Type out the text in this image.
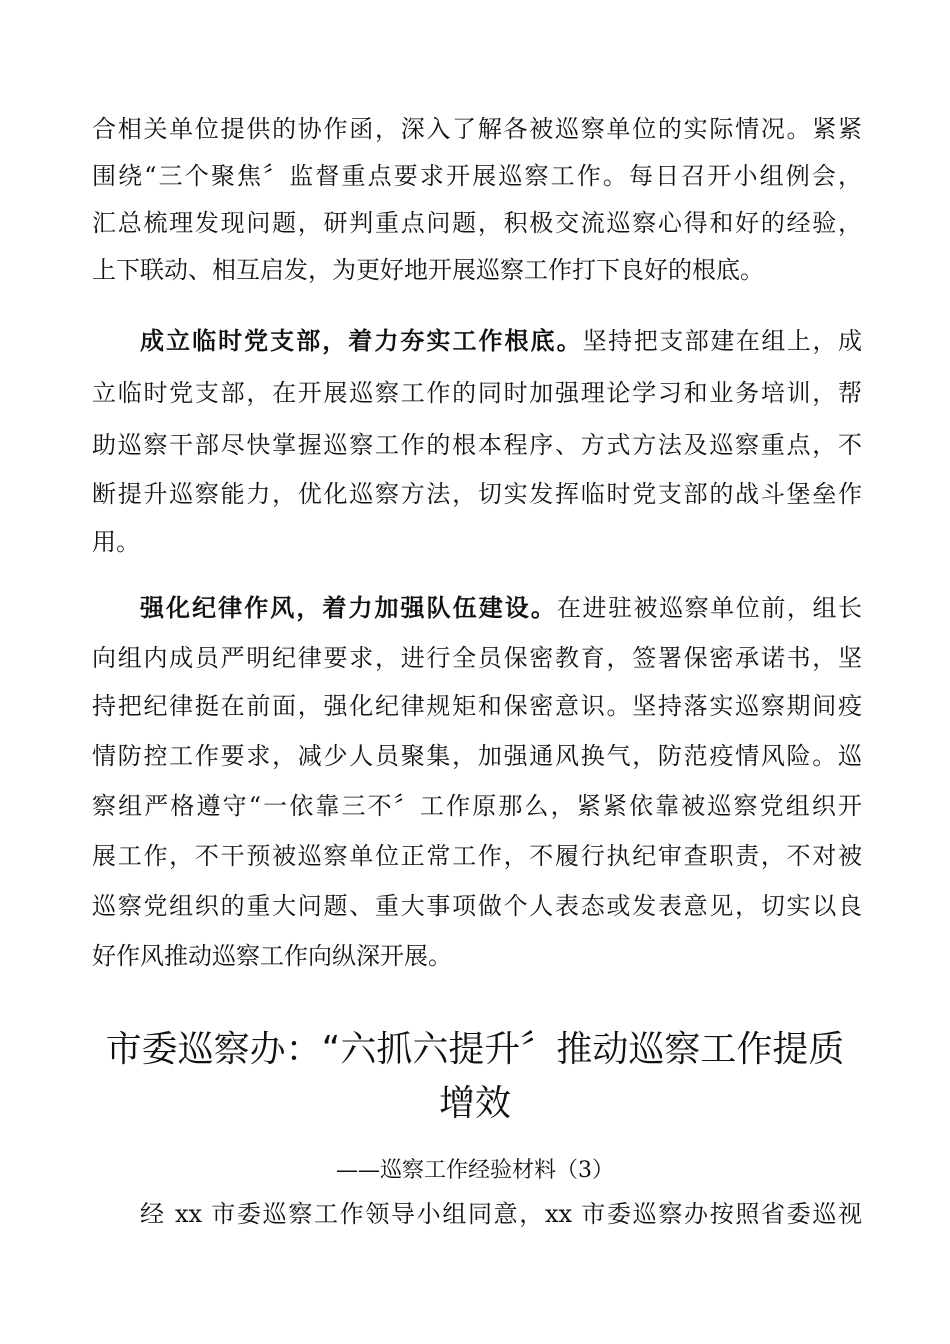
合相关单位提供的协作函，深入了解各被巡察单位的实际情况。紧紧
围绕“三个聚焦〞监督重点要求开展巡察工作。每日召开小组例会，
汇总梳理发现问题，研判重点问题，积极交流巡察心得和好的经验，
上下联动、相互启发，为更好地开展巡察工作打下良好的根底。
成立临时党支部，着力夯实工作根底。坚持把支部建在组上，成
立临时党支部，在开展巡察工作的同时加强理论学习和业务培训，帮
助巡察干部尽快掌握巡察工作的根本程序、方式方法及巡察重点，不
断提升巡察能力，优化巡察方法，切实发挥临时党支部的战斗堡垒作
用。
强化纪律作风，着力加强队伍建设。在进驻被巡察单位前，组长
向组内成员严明纪律要求，进行全员保密教育，签署保密承诺书，坚
持把纪律挺在前面，强化纪律规矩和保密意识。坚持落实巡察期间疫
情防控工作要求，减少人员聚集，加强通风换气，防范疫情风险。巡
察组严格遵守“一依靠三不〞工作原那么，紧紧依靠被巡察党组织开
展工作，不干预被巡察单位正常工作，不履行执纪审查职责，不对被
巡察党组织的重大问题、重大事项做个人表态或发表意见，切实以良
好作风推动巡察工作向纵深开展。
市委巡察办：“六抓六提升〞推动巡察工作提质
增效
——巡察工作经验材料（3）
经 xx 市委巡察工作领导小组同意，xx 市委巡察办按照省委巡视
